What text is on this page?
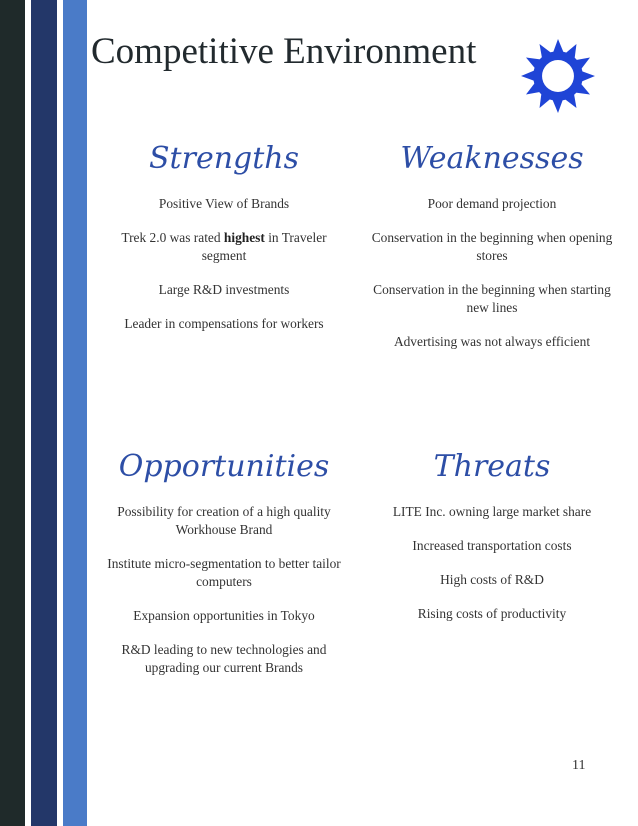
Competitive Environment
Strengths
Positive View of Brands
Trek 2.0 was rated highest in Traveler segment
Large R&D investments
Leader in compensations for workers
Weaknesses
Poor demand projection
Conservation in the beginning when opening stores
Conservation in the beginning when starting new lines
Advertising was not always efficient
Opportunities
Possibility for creation of a high quality Workhouse Brand
Institute micro-segmentation to better tailor computers
Expansion opportunities in Tokyo
R&D leading to new technologies and upgrading our current Brands
Threats
LITE Inc. owning large market share
Increased transportation costs
High costs of R&D
Rising costs of productivity
11
